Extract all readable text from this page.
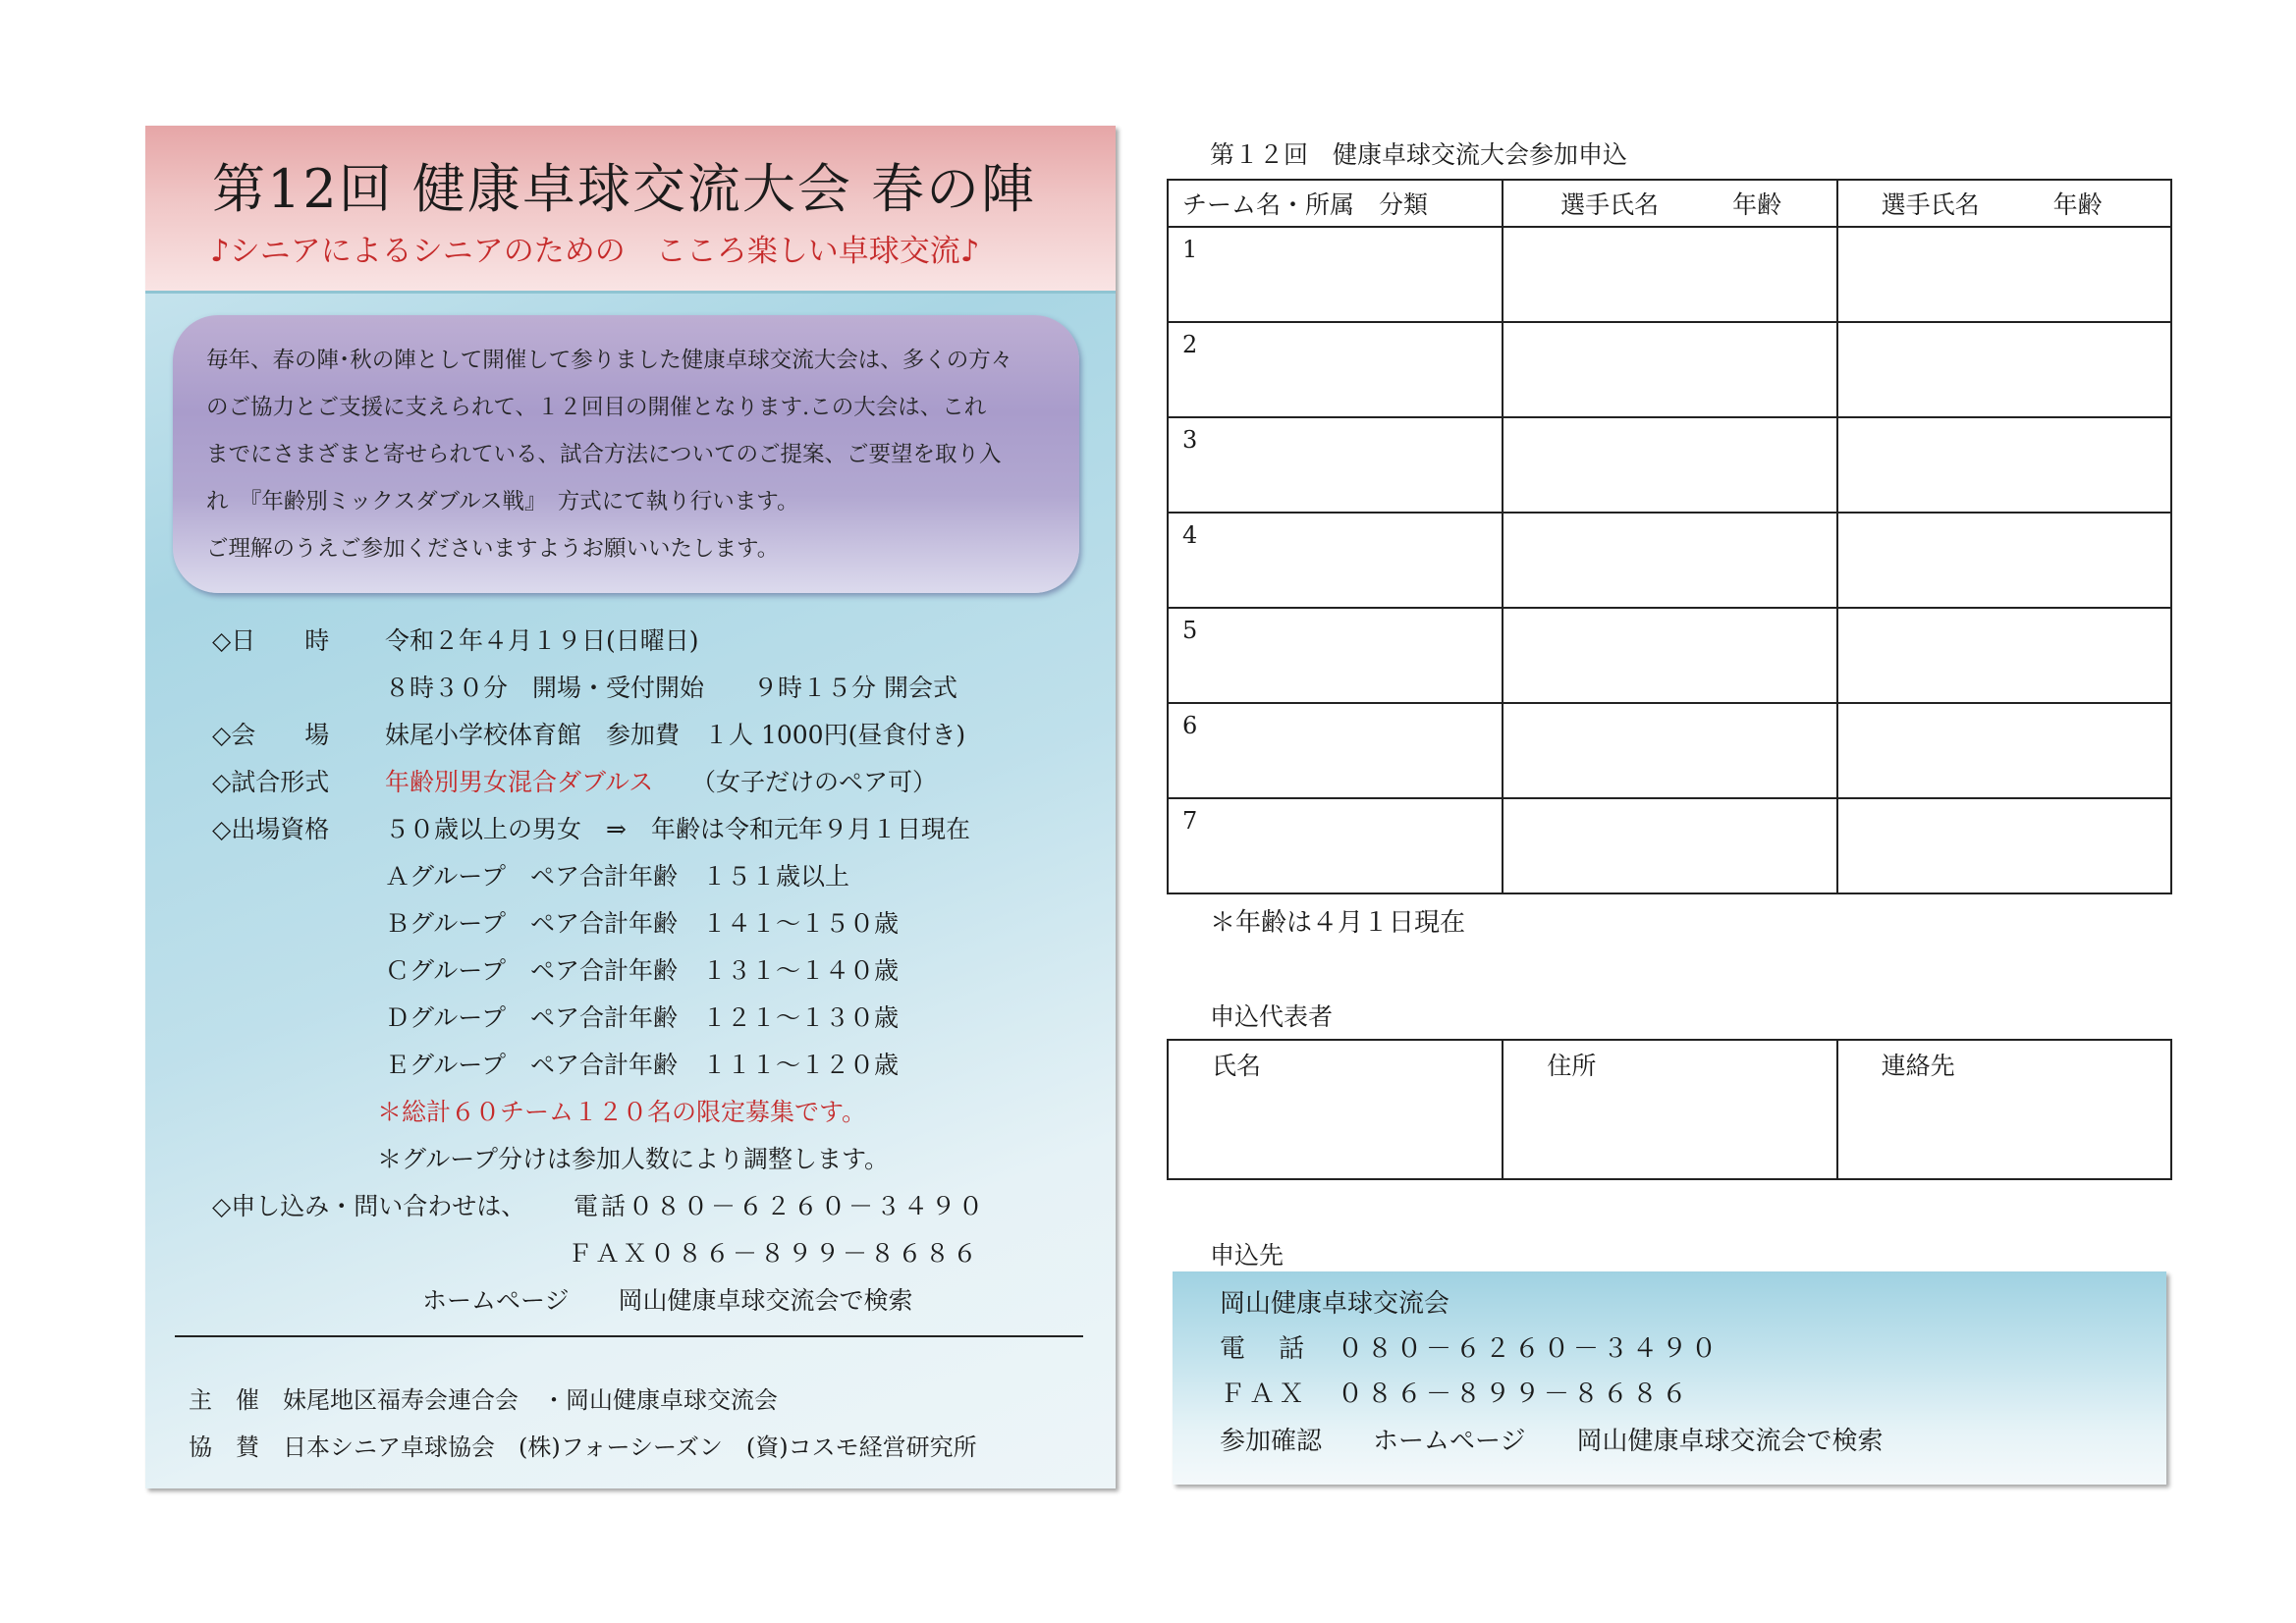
第12回 健康卓球交流大会 春の陣
♪シニアによるシニアのための　こころ楽しい卓球交流♪

毎年、春の陣･秋の陣として開催して参りました健康卓球交流大会は、多くの方々

のご協力とご支援に支えられて、１２回目の開催となります.この大会は、これ

までにさまざまと寄せられている、試合方法についてのご提案、ご要望を取り入

れ　『年齢別ミックスダブルス戦』　方式にて執り行います。

ご理解のうえご参加くださいますようお願いいたします。

◇日　　時 令和２年４月１９日(日曜日)
８時３０分　開場・受付開始　　９時１５分 開会式
◇会　　場 妹尾小学校体育館　参加費　１人 1000円(昼食付き)
◇試合形式 年齢別男女混合ダブルス （女子だけのペア可）
◇出場資格 ５０歳以上の男女　⇒　年齢は令和元年９月１日現在
Ａグループ　ペア合計年齢　１５１歳以上
Ｂグループ　ペア合計年齢　１４１～１５０歳
Ｃグループ　ペア合計年齢　１３１～１４０歳
Ｄグループ　ペア合計年齢　１２１～１３０歳
Ｅグループ　ペア合計年齢　１１１～１２０歳
＊総計６０チーム１２０名の限定募集です。
＊グループ分けは参加人数により調整します。
◇申し込み・問い合わせは、 電話０８０－６２６０－３４９０
ＦＡＸ０８６－８９９－８６８６
ホームページ　　岡山健康卓球交流会で検索
主　催　妹尾地区福寿会連合会　・岡山健康卓球交流会
協　賛　日本シニア卓球協会　(株)フォーシーズン　(資)コスモ経営研究所
第１２回　健康卓球交流大会参加申込
チーム名・所属　分類	選手氏名　　　年齢	選手氏名　　　年齢

1		

2		

3		

4		

5		

6		

7		

＊年齢は４月１日現在
申込代表者
氏名	住所	連絡先
申込先
岡山健康卓球交流会
電　話　０８０－６２６０－３４９０
ＦＡＸ　０８６－８９９－８６８６
参加確認　　ホームページ　　岡山健康卓球交流会で検索
